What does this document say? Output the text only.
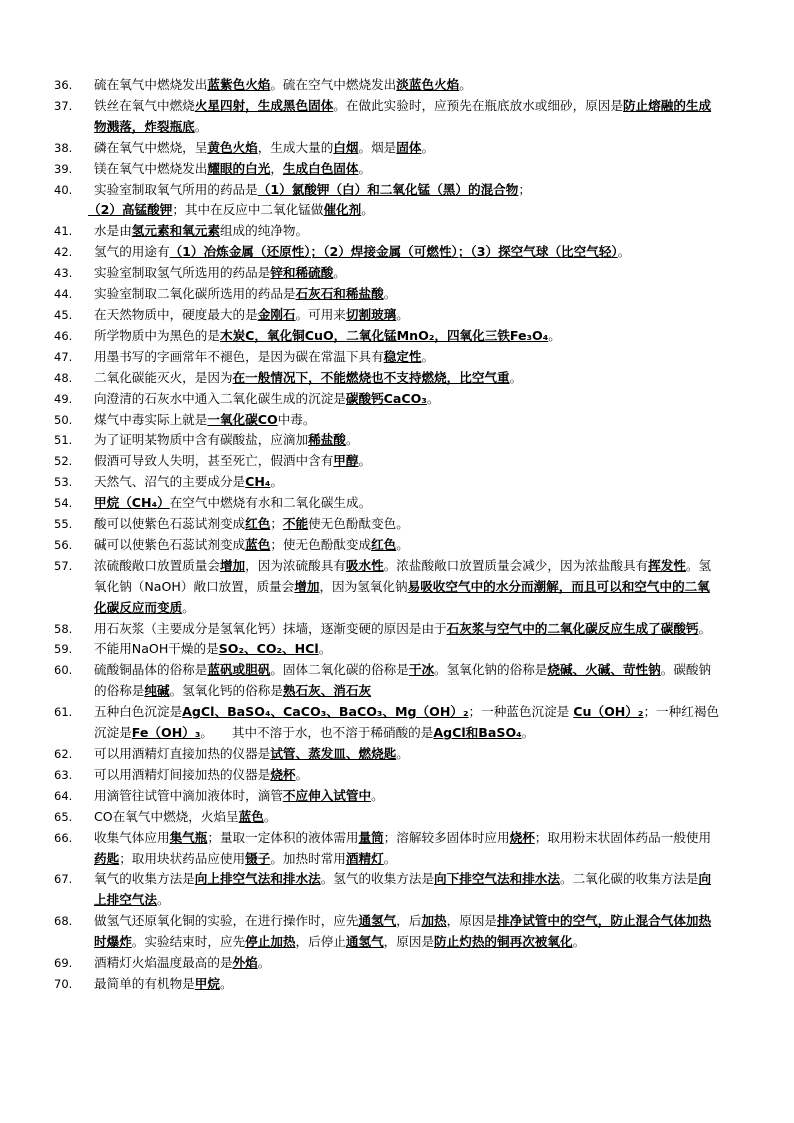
36. 硫在氧气中燃烧发出蓝紫色火焰。硫在空气中燃烧发出淡蓝色火焰。
37. 铁丝在氧气中燃烧火星四射，生成黑色固体。在做此实验时，应预先在瓶底放水或细砂，原因是防止熔融的生成物溅落，炸裂瓶底。
38. 磷在氧气中燃烧，呈黄色火焰，生成大量的白烟。烟是固体。
39. 镁在氧气中燃烧发出耀眼的白光，生成白色固体。
40. 实验室制取氧气所用的药品是（1）氯酸钾（白）和二氧化锰（黑）的混合物；
（2）高锰酸钾；其中在反应中二氧化锰做催化剂。
41. 水是由氢元素和氧元素组成的纯净物。
42. 氢气的用途有（1）冶炼金属（还原性）；（2）焊接金属（可燃性）；（3）探空气球（比空气轻）。
43. 实验室制取氢气所选用的药品是锌和稀硫酸。
44. 实验室制取二氧化碳所选用的药品是石灰石和稀盐酸。
45. 在天然物质中，硬度最大的是金刚石。可用来切割玻璃。
46. 所学物质中为黑色的是木炭C，氧化铜CuO，二氧化锰MnO₂，四氧化三铁Fe₃O₄。
47. 用墨书写的字画常年不褪色，是因为碳在常温下具有稳定性。
48. 二氧化碳能灭火，是因为在一般情况下，不能燃烧也不支持燃烧，比空气重。
49. 向澄清的石灰水中通入二氧化碳生成的沉淀是碳酸钙CaCO₃。
50. 煤气中毒实际上就是一氧化碳CO中毒。
51. 为了证明某物质中含有碳酸盐，应滴加稀盐酸。
52. 假酒可导致人失明，甚至死亡，假酒中含有甲醇。
53. 天然气、沼气的主要成分是CH₄。
54. 甲烷（CH₄）在空气中燃烧有水和二氧化碳生成。
55. 酸可以使紫色石蕊试剂变成红色；不能使无色酚酞变色。
56. 碱可以使紫色石蕊试剂变成蓝色；使无色酚酞变成红色。
57. 浓硫酸敞口放置质量会增加，因为浓硫酸具有吸水性。浓盐酸敞口放置质量会减少，因为浓盐酸具有挥发性。氢氧化钠（NaOH）敞口放置，质量会增加，因为氢氧化钠易吸收空气中的水分而潮解，而且可以和空气中的二氧化碳反应而变质。
58. 用石灰浆（主要成分是氢氧化钙）抹墙，逐渐变硬的原因是由于石灰浆与空气中的二氧化碳反应生成了碳酸钙。
59. 不能用NaOH干燥的是SO₂、CO₂、HCl。
60. 硫酸铜晶体的俗称是蓝矾或胆矾。固体二氧化碳的俗称是干冰。氢氧化钠的俗称是烧碱、火碱、苛性钠。碳酸钠的俗称是纯碱。氢氧化钙的俗称是熟石灰、消石灰
61. 五种白色沉淀是AgCl、BaSO₄、CaCO₃、BaCO₃、Mg（OH）₂；一种蓝色沉淀是 Cu（OH）₂；一种红褐色沉淀是Fe（OH）₃。　　其中不溶于水，也不溶于稀硝酸的是AgCl和BaSO₄。
62. 可以用酒精灯直接加热的仪器是试管、蒸发皿、燃烧匙。
63. 可以用酒精灯间接加热的仪器是烧杯。
64. 用滴管往试管中滴加液体时，滴管不应伸入试管中。
65. CO在氧气中燃烧，火焰呈蓝色。
66. 收集气体应用集气瓶；量取一定体积的液体需用量筒；溶解较多固体时应用烧杯；取用粉末状固体药品一般使用药匙；取用块状药品应使用镊子。加热时常用酒精灯。
67. 氧气的收集方法是向上排空气法和排水法。氢气的收集方法是向下排空气法和排水法。二氧化碳的收集方法是向上排空气法。
68. 做氢气还原氧化铜的实验，在进行操作时，应先通氢气，后加热，原因是排净试管中的空气，防止混合气体加热时爆炸。实验结束时，应先停止加热，后停止通氢气，原因是防止灼热的铜再次被氧化。
69. 酒精灯火焰温度最高的是外焰。
70. 最简单的有机物是甲烷。
